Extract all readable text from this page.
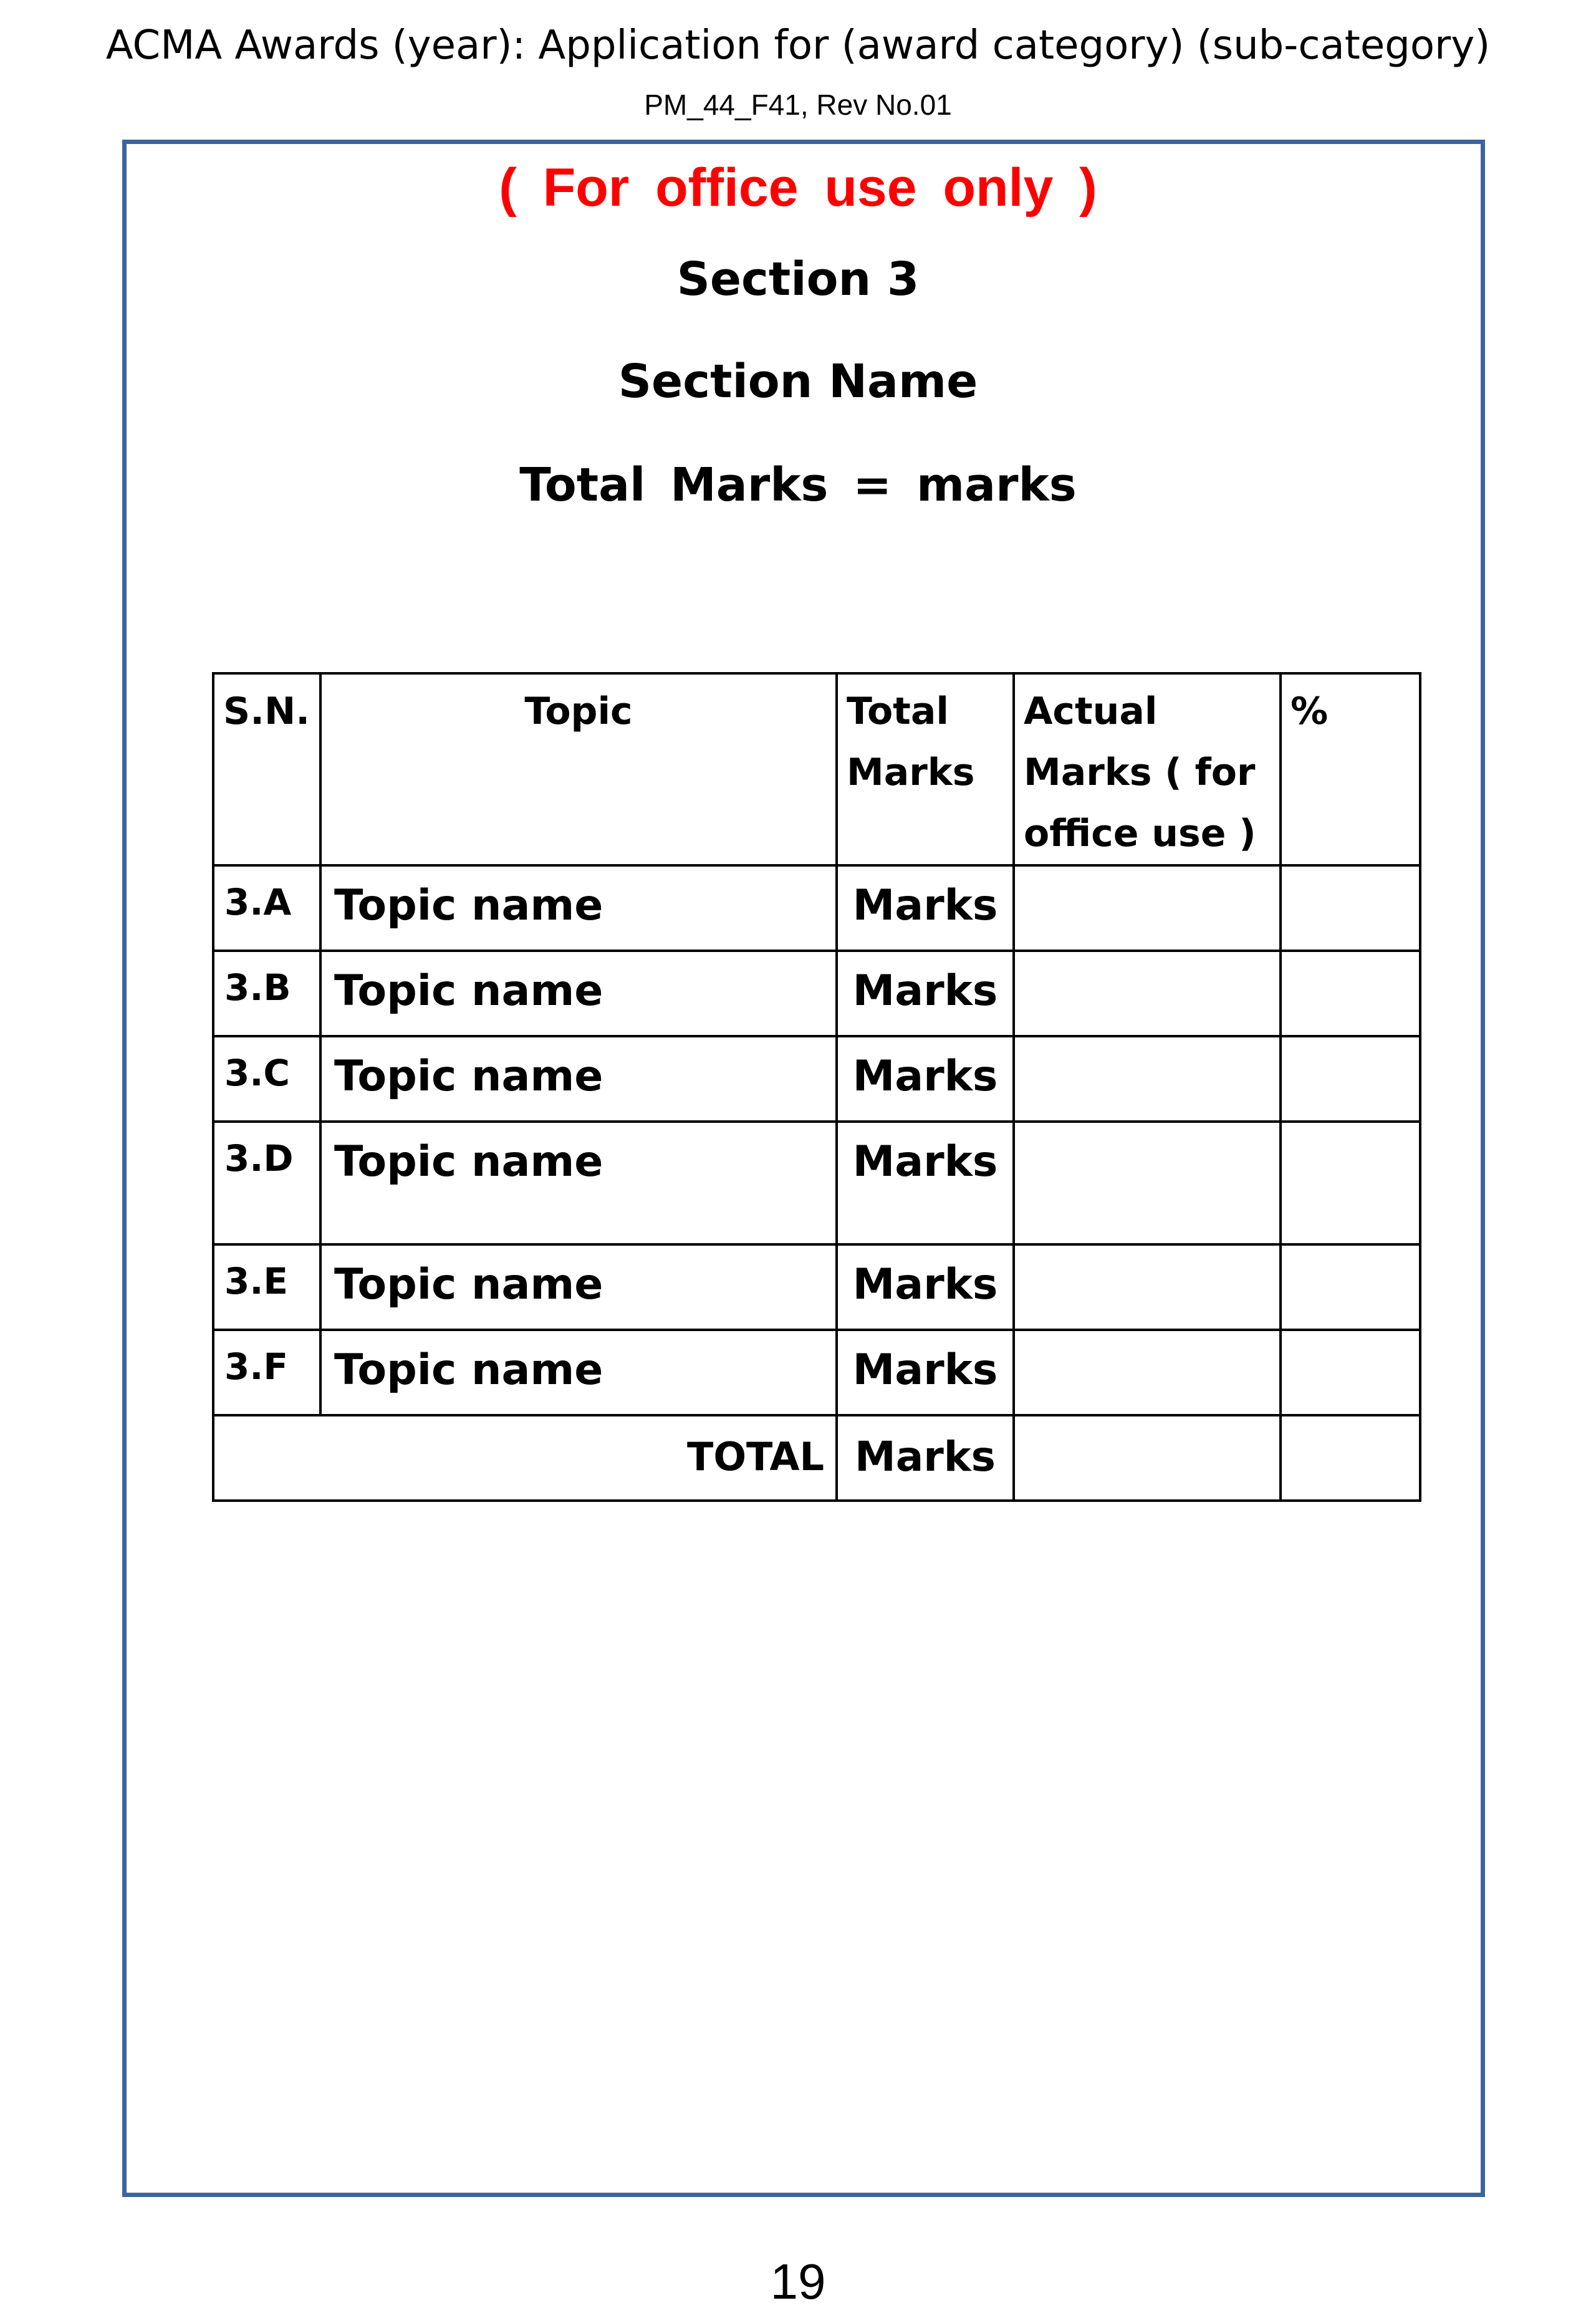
ACMA Awards (year): Application for (award category) (sub-category)
PM_44_F41, Rev No.01
( For office use only )
Section 3
Section Name
Total Marks = marks
S.N.	Topic	Total Marks	Actual Marks ( for office use )	%
3.A	Topic name	Marks		
3.B	Topic name	Marks		
3.C	Topic name	Marks		
3.D	Topic name	Marks		
3.E	Topic name	Marks		
3.F	Topic name	Marks		
TOTAL		Marks		
19
